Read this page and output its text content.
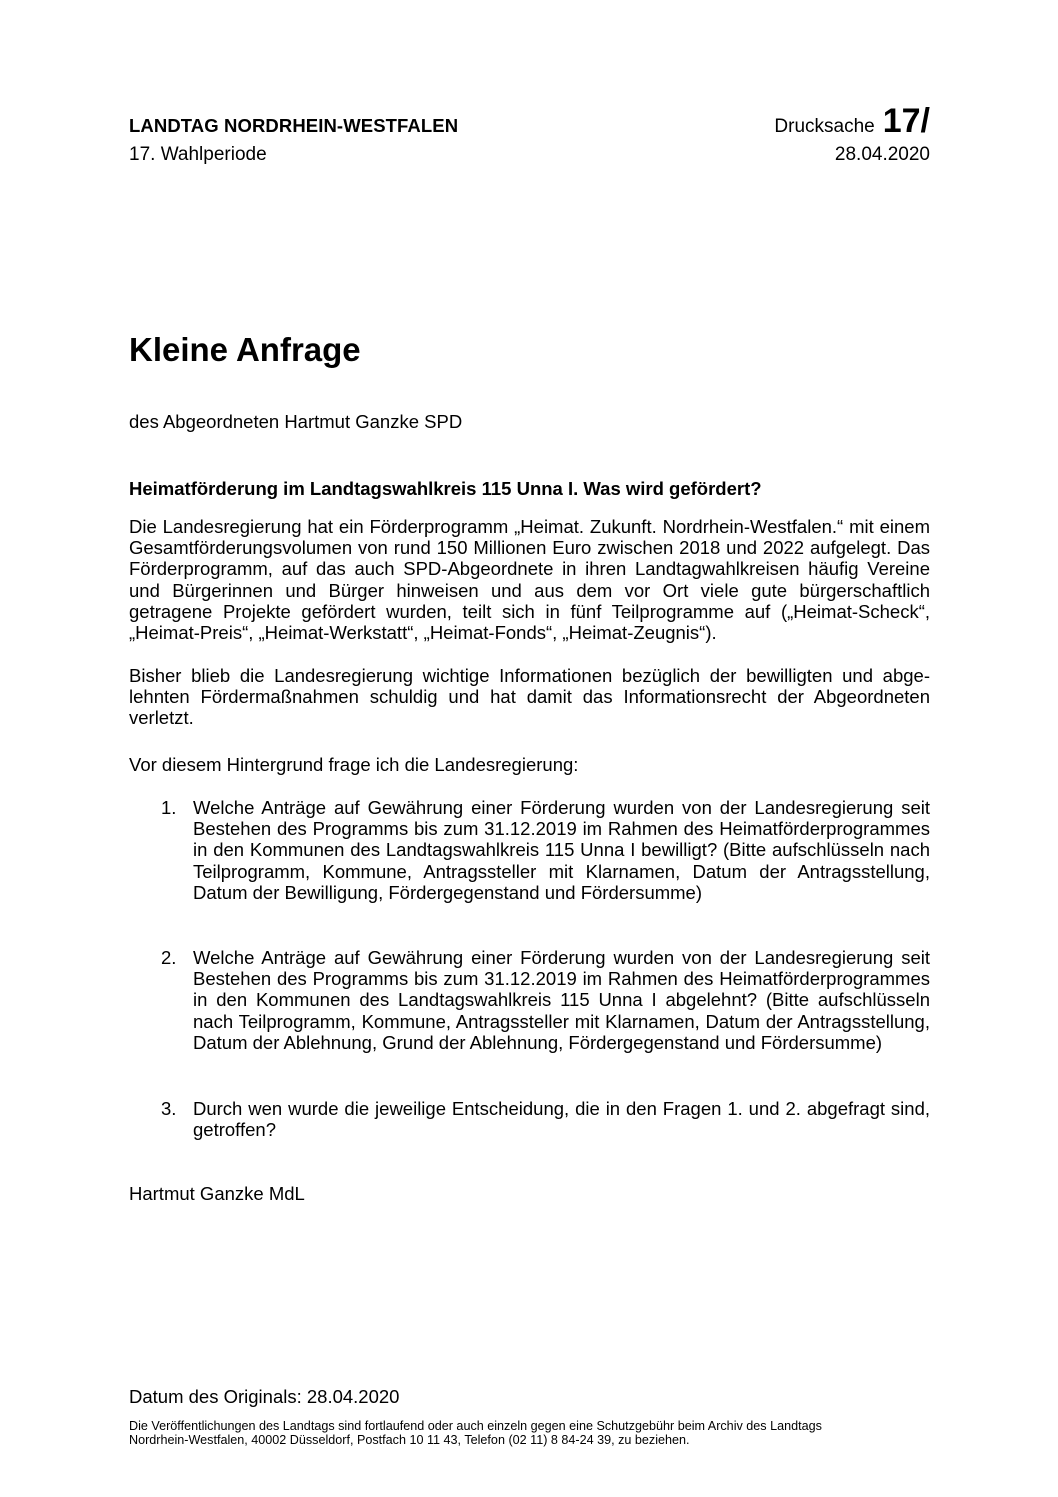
LANDTAG NORDRHEIN-WESTFALEN	Drucksache 17/
17. Wahlperiode	28.04.2020
Kleine Anfrage
des Abgeordneten Hartmut Ganzke SPD
Heimatförderung im Landtagswahlkreis 115 Unna I. Was wird gefördert?
Die Landesregierung hat ein Förderprogramm „Heimat. Zukunft. Nordrhein-Westfalen.“ mit einem Gesamtförderungsvolumen von rund 150 Millionen Euro zwischen 2018 und 2022 aufgelegt. Das Förderprogramm, auf das auch SPD-Abgeordnete in ihren Landtagwahlkreisen häufig Vereine und Bürgerinnen und Bürger hinweisen und aus dem vor Ort viele gute bürgerschaftlich getragene Projekte gefördert wurden, teilt sich in fünf Teilprogramme auf („Heimat-Scheck“, „Heimat-Preis“, „Heimat-Werkstatt“, „Heimat-Fonds“, „Heimat-Zeugnis“).
Bisher blieb die Landesregierung wichtige Informationen bezüglich der bewilligten und abgelehnten Fördermaßnahmen schuldig und hat damit das Informationsrecht der Abgeordneten verletzt.
Vor diesem Hintergrund frage ich die Landesregierung:
1. Welche Anträge auf Gewährung einer Förderung wurden von der Landesregierung seit Bestehen des Programms bis zum 31.12.2019 im Rahmen des Heimatförderprogrammes in den Kommunen des Landtagswahlkreis 115 Unna I bewilligt? (Bitte aufschlüsseln nach Teilprogramm, Kommune, Antragssteller mit Klarnamen, Datum der Antragsstellung, Datum der Bewilligung, Fördergegenstand und Fördersumme)
2. Welche Anträge auf Gewährung einer Förderung wurden von der Landesregierung seit Bestehen des Programms bis zum 31.12.2019 im Rahmen des Heimatförderprogrammes in den Kommunen des Landtagswahlkreis 115 Unna I abgelehnt? (Bitte aufschlüsseln nach Teilprogramm, Kommune, Antragssteller mit Klarnamen, Datum der Antragsstellung, Datum der Ablehnung, Grund der Ablehnung, Fördergegenstand und Fördersumme)
3. Durch wen wurde die jeweilige Entscheidung, die in den Fragen 1. und 2. abgefragt sind, getroffen?
Hartmut Ganzke MdL
Datum des Originals: 28.04.2020
Die Veröffentlichungen des Landtags sind fortlaufend oder auch einzeln gegen eine Schutzgebühr beim Archiv des Landtags
Nordrhein-Westfalen, 40002 Düsseldorf, Postfach 10 11 43, Telefon (02 11) 8 84-24 39, zu beziehen.
